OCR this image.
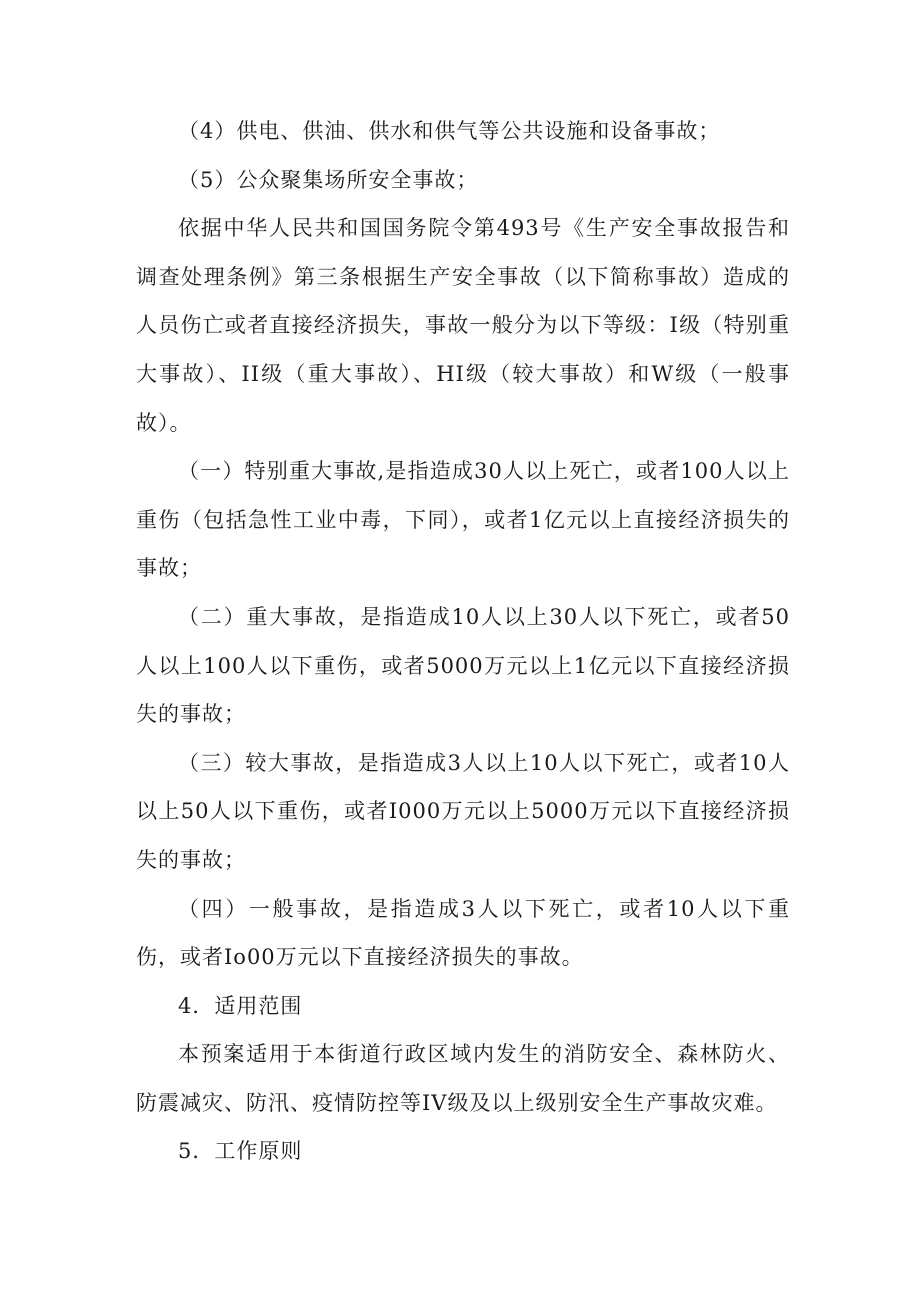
（4）供电、供油、供水和供气等公共设施和设备事故；

（5）公众聚集场所安全事故；

依据中华人民共和国国务院令第493号《生产安全事故报告和调查处理条例》第三条根据生产安全事故（以下简称事故）造成的人员伤亡或者直接经济损失，事故一般分为以下等级：I级（特别重大事故）、II级（重大事故）、HI级（较大事故）和W级（一般事故）。

（一）特别重大事故,是指造成30人以上死亡，或者100人以上重伤（包括急性工业中毒，下同），或者1亿元以上直接经济损失的事故；

（二）重大事故，是指造成10人以上30人以下死亡，或者50人以上100人以下重伤，或者5000万元以上1亿元以下直接经济损失的事故；

（三）较大事故，是指造成3人以上10人以下死亡，或者10人以上50人以下重伤，或者I000万元以上5000万元以下直接经济损失的事故；

（四）一般事故，是指造成3人以下死亡，或者10人以下重伤，或者Io00万元以下直接经济损失的事故。

4．适用范围

本预案适用于本街道行政区域内发生的消防安全、森林防火、防震减灾、防汛、疫情防控等IV级及以上级别安全生产事故灾难。

5．工作原则
